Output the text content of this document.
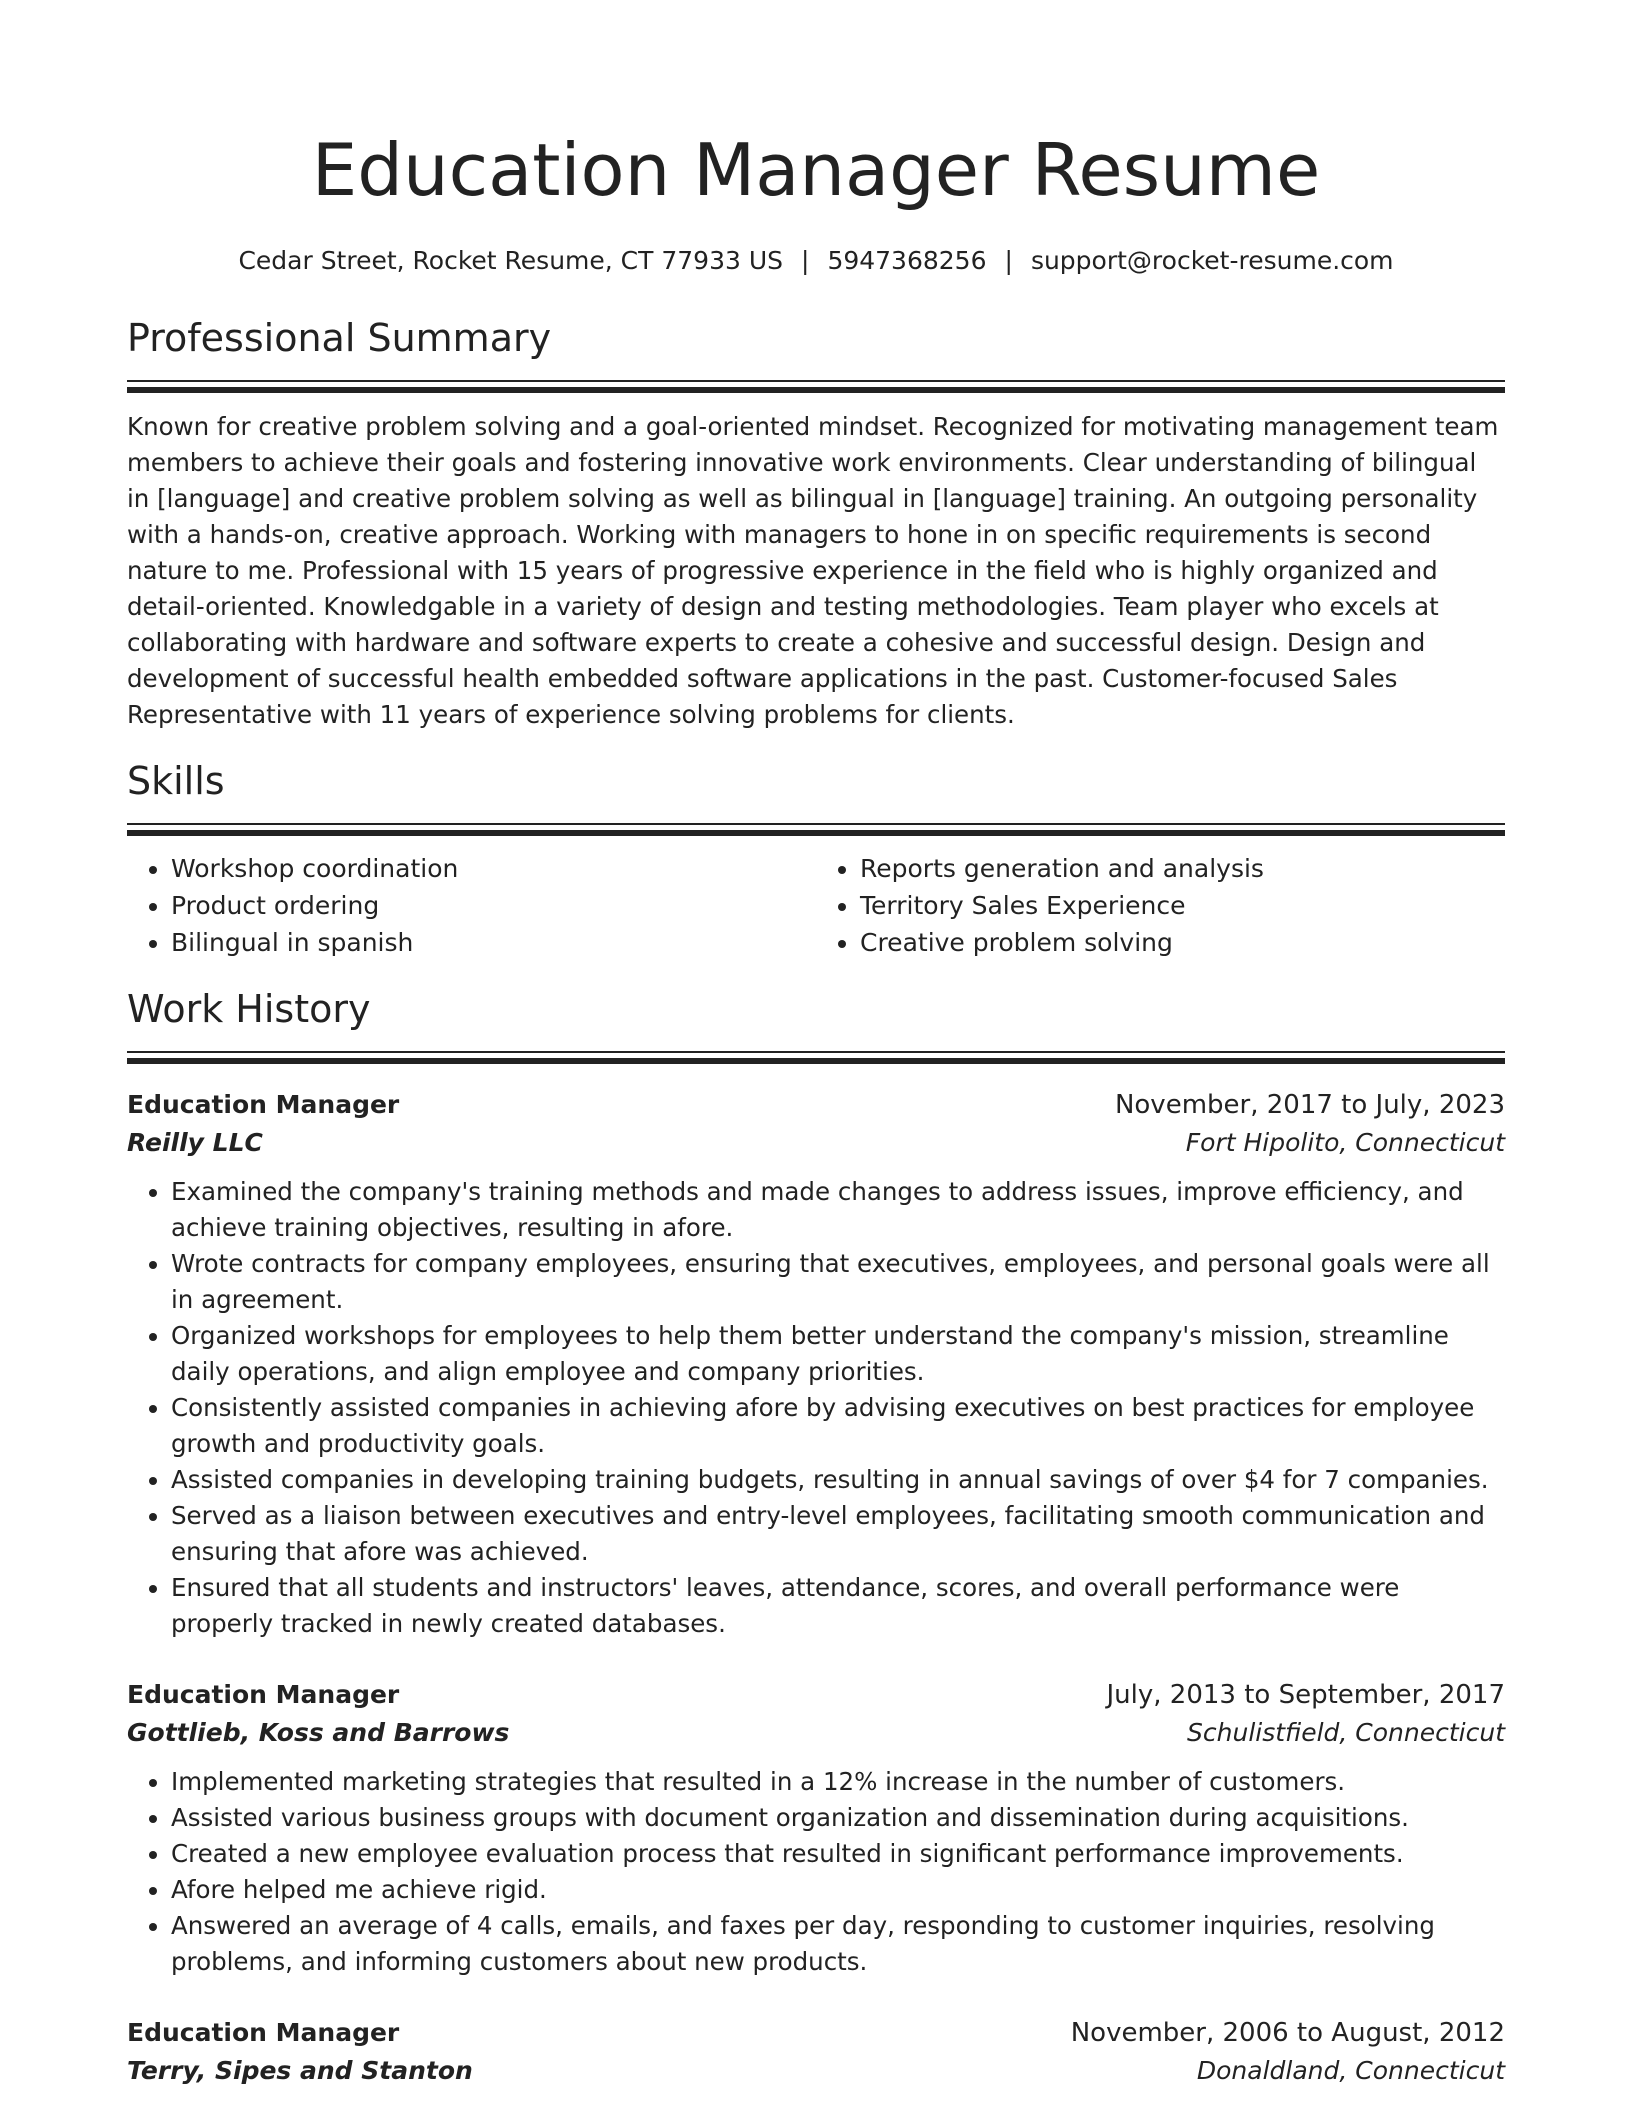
Education Manager Resume
Cedar Street, Rocket Resume, CT 77933 US | 5947368256 | support@rocket-resume.com
Professional Summary

Known for creative problem solving and a goal-oriented mindset. Recognized for motivating management team members to achieve their goals and fostering innovative work environments. Clear understanding of bilingual in [language] and creative problem solving as well as bilingual in [language] training. An outgoing personality with a hands-on, creative approach. Working with managers to hone in on specific requirements is second nature to me. Professional with 15 years of progressive experience in the field who is highly organized and detail-oriented. Knowledgable in a variety of design and testing methodologies. Team player who excels at collaborating with hardware and software experts to create a cohesive and successful design. Design and development of successful health embedded software applications in the past. Customer-focused Sales Representative with 11 years of experience solving problems for clients.

Skills
• Workshop coordination
• Product ordering
• Bilingual in spanish
• Reports generation and analysis
• Territory Sales Experience
• Creative problem solving
Work History
Education Manager	November, 2017 to July, 2023
Reilly LLC	Fort Hipolito, Connecticut
• Examined the company's training methods and made changes to address issues, improve efficiency, and achieve training objectives, resulting in afore.
• Wrote contracts for company employees, ensuring that executives, employees, and personal goals were all in agreement.
• Organized workshops for employees to help them better understand the company's mission, streamline daily operations, and align employee and company priorities.
• Consistently assisted companies in achieving afore by advising executives on best practices for employee growth and productivity goals.
• Assisted companies in developing training budgets, resulting in annual savings of over $4 for 7 companies.
• Served as a liaison between executives and entry-level employees, facilitating smooth communication and ensuring that afore was achieved.
• Ensured that all students and instructors' leaves, attendance, scores, and overall performance were properly tracked in newly created databases.
Education Manager	July, 2013 to September, 2017
Gottlieb, Koss and Barrows	Schulistfield, Connecticut
• Implemented marketing strategies that resulted in a 12% increase in the number of customers.
• Assisted various business groups with document organization and dissemination during acquisitions.
• Created a new employee evaluation process that resulted in significant performance improvements.
• Afore helped me achieve rigid.
• Answered an average of 4 calls, emails, and faxes per day, responding to customer inquiries, resolving problems, and informing customers about new products.
Education Manager	November, 2006 to August, 2012
Terry, Sipes and Stanton	Donaldland, Connecticut
